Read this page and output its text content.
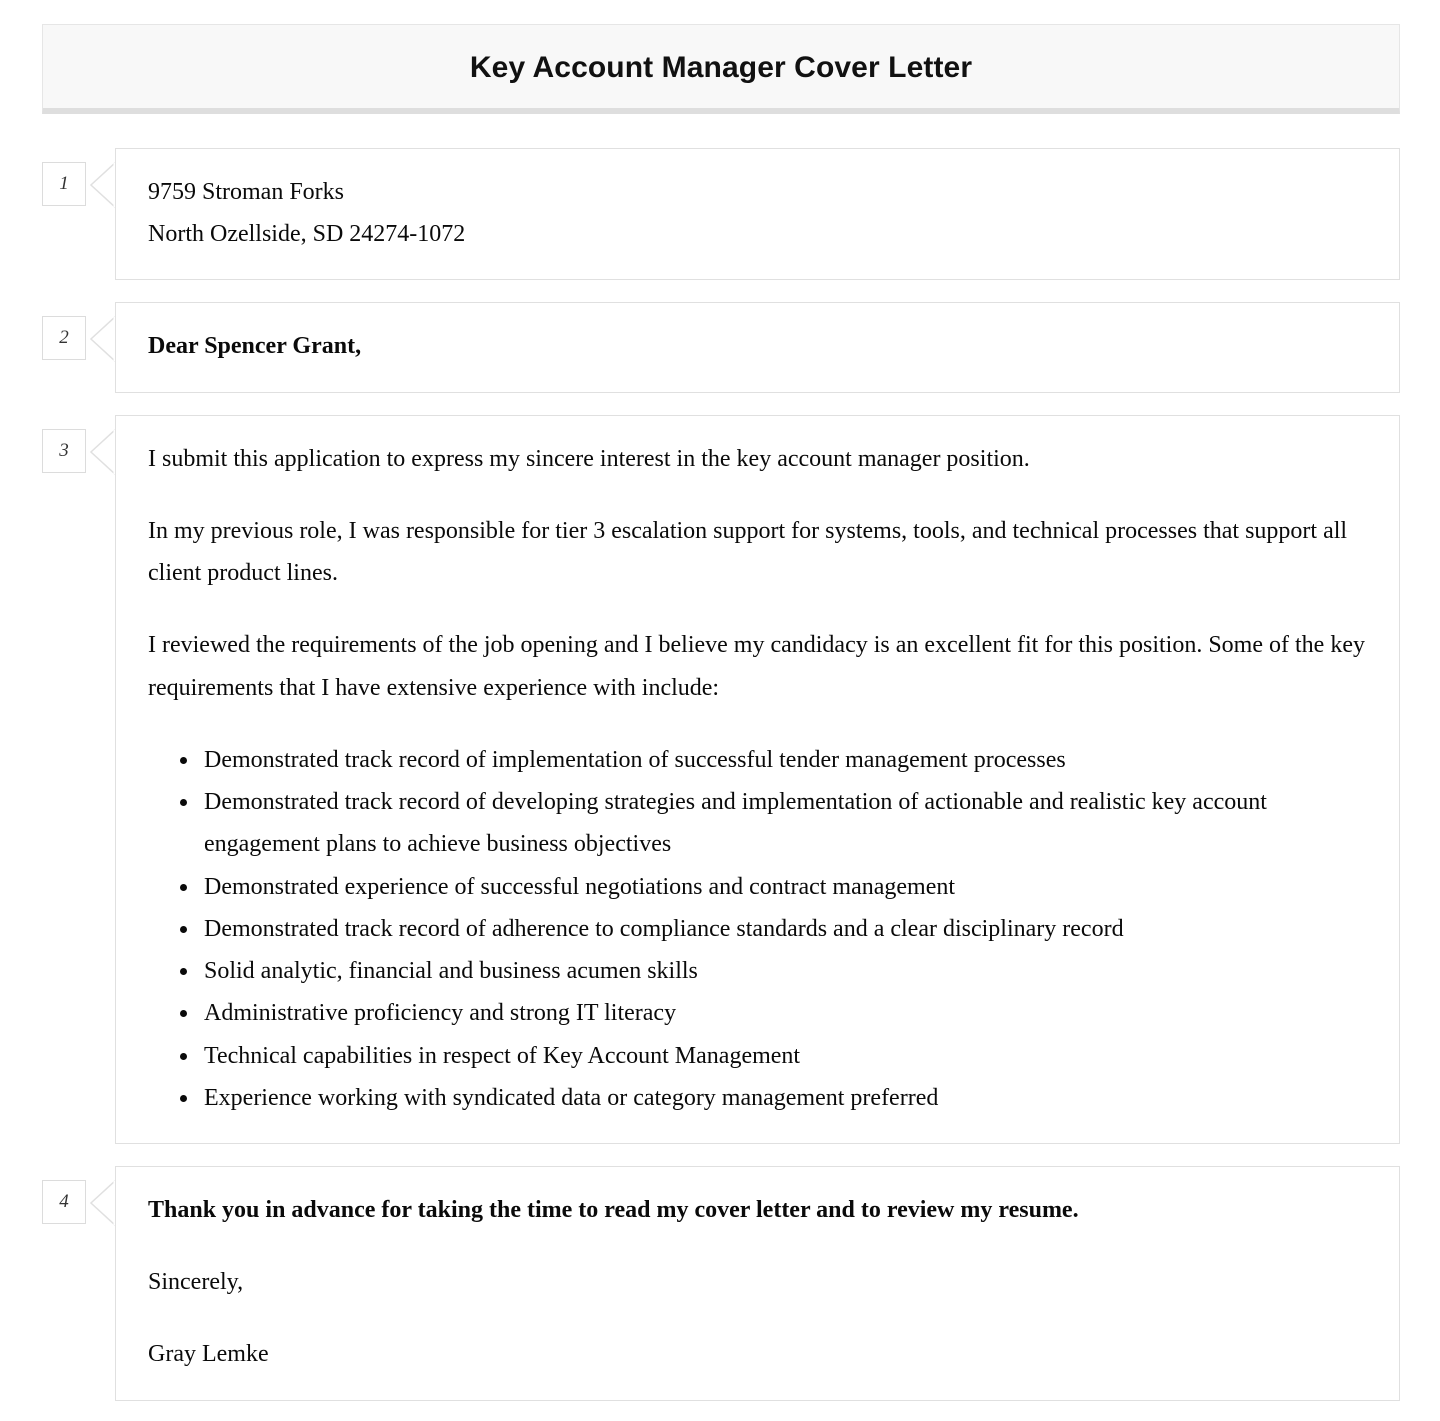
Key Account Manager Cover Letter
1	9759 Stroman Forks
North Ozellside, SD 24274-1072

2	Dear Spencer Grant,

3	I submit this application to express my sincere interest in the key account manager position.

In my previous role, I was responsible for tier 3 escalation support for systems, tools, and technical processes that support all client product lines.

I reviewed the requirements of the job opening and I believe my candidacy is an excellent fit for this position. Some of the key requirements that I have extensive experience with include:

• Demonstrated track record of implementation of successful tender management processes
• Demonstrated track record of developing strategies and implementation of actionable and realistic key account engagement plans to achieve business objectives
• Demonstrated experience of successful negotiations and contract management
• Demonstrated track record of adherence to compliance standards and a clear disciplinary record
• Solid analytic, financial and business acumen skills
• Administrative proficiency and strong IT literacy
• Technical capabilities in respect of Key Account Management
• Experience working with syndicated data or category management preferred
4	Thank you in advance for taking the time to read my cover letter and to review my resume.

Sincerely,

Gray Lemke
